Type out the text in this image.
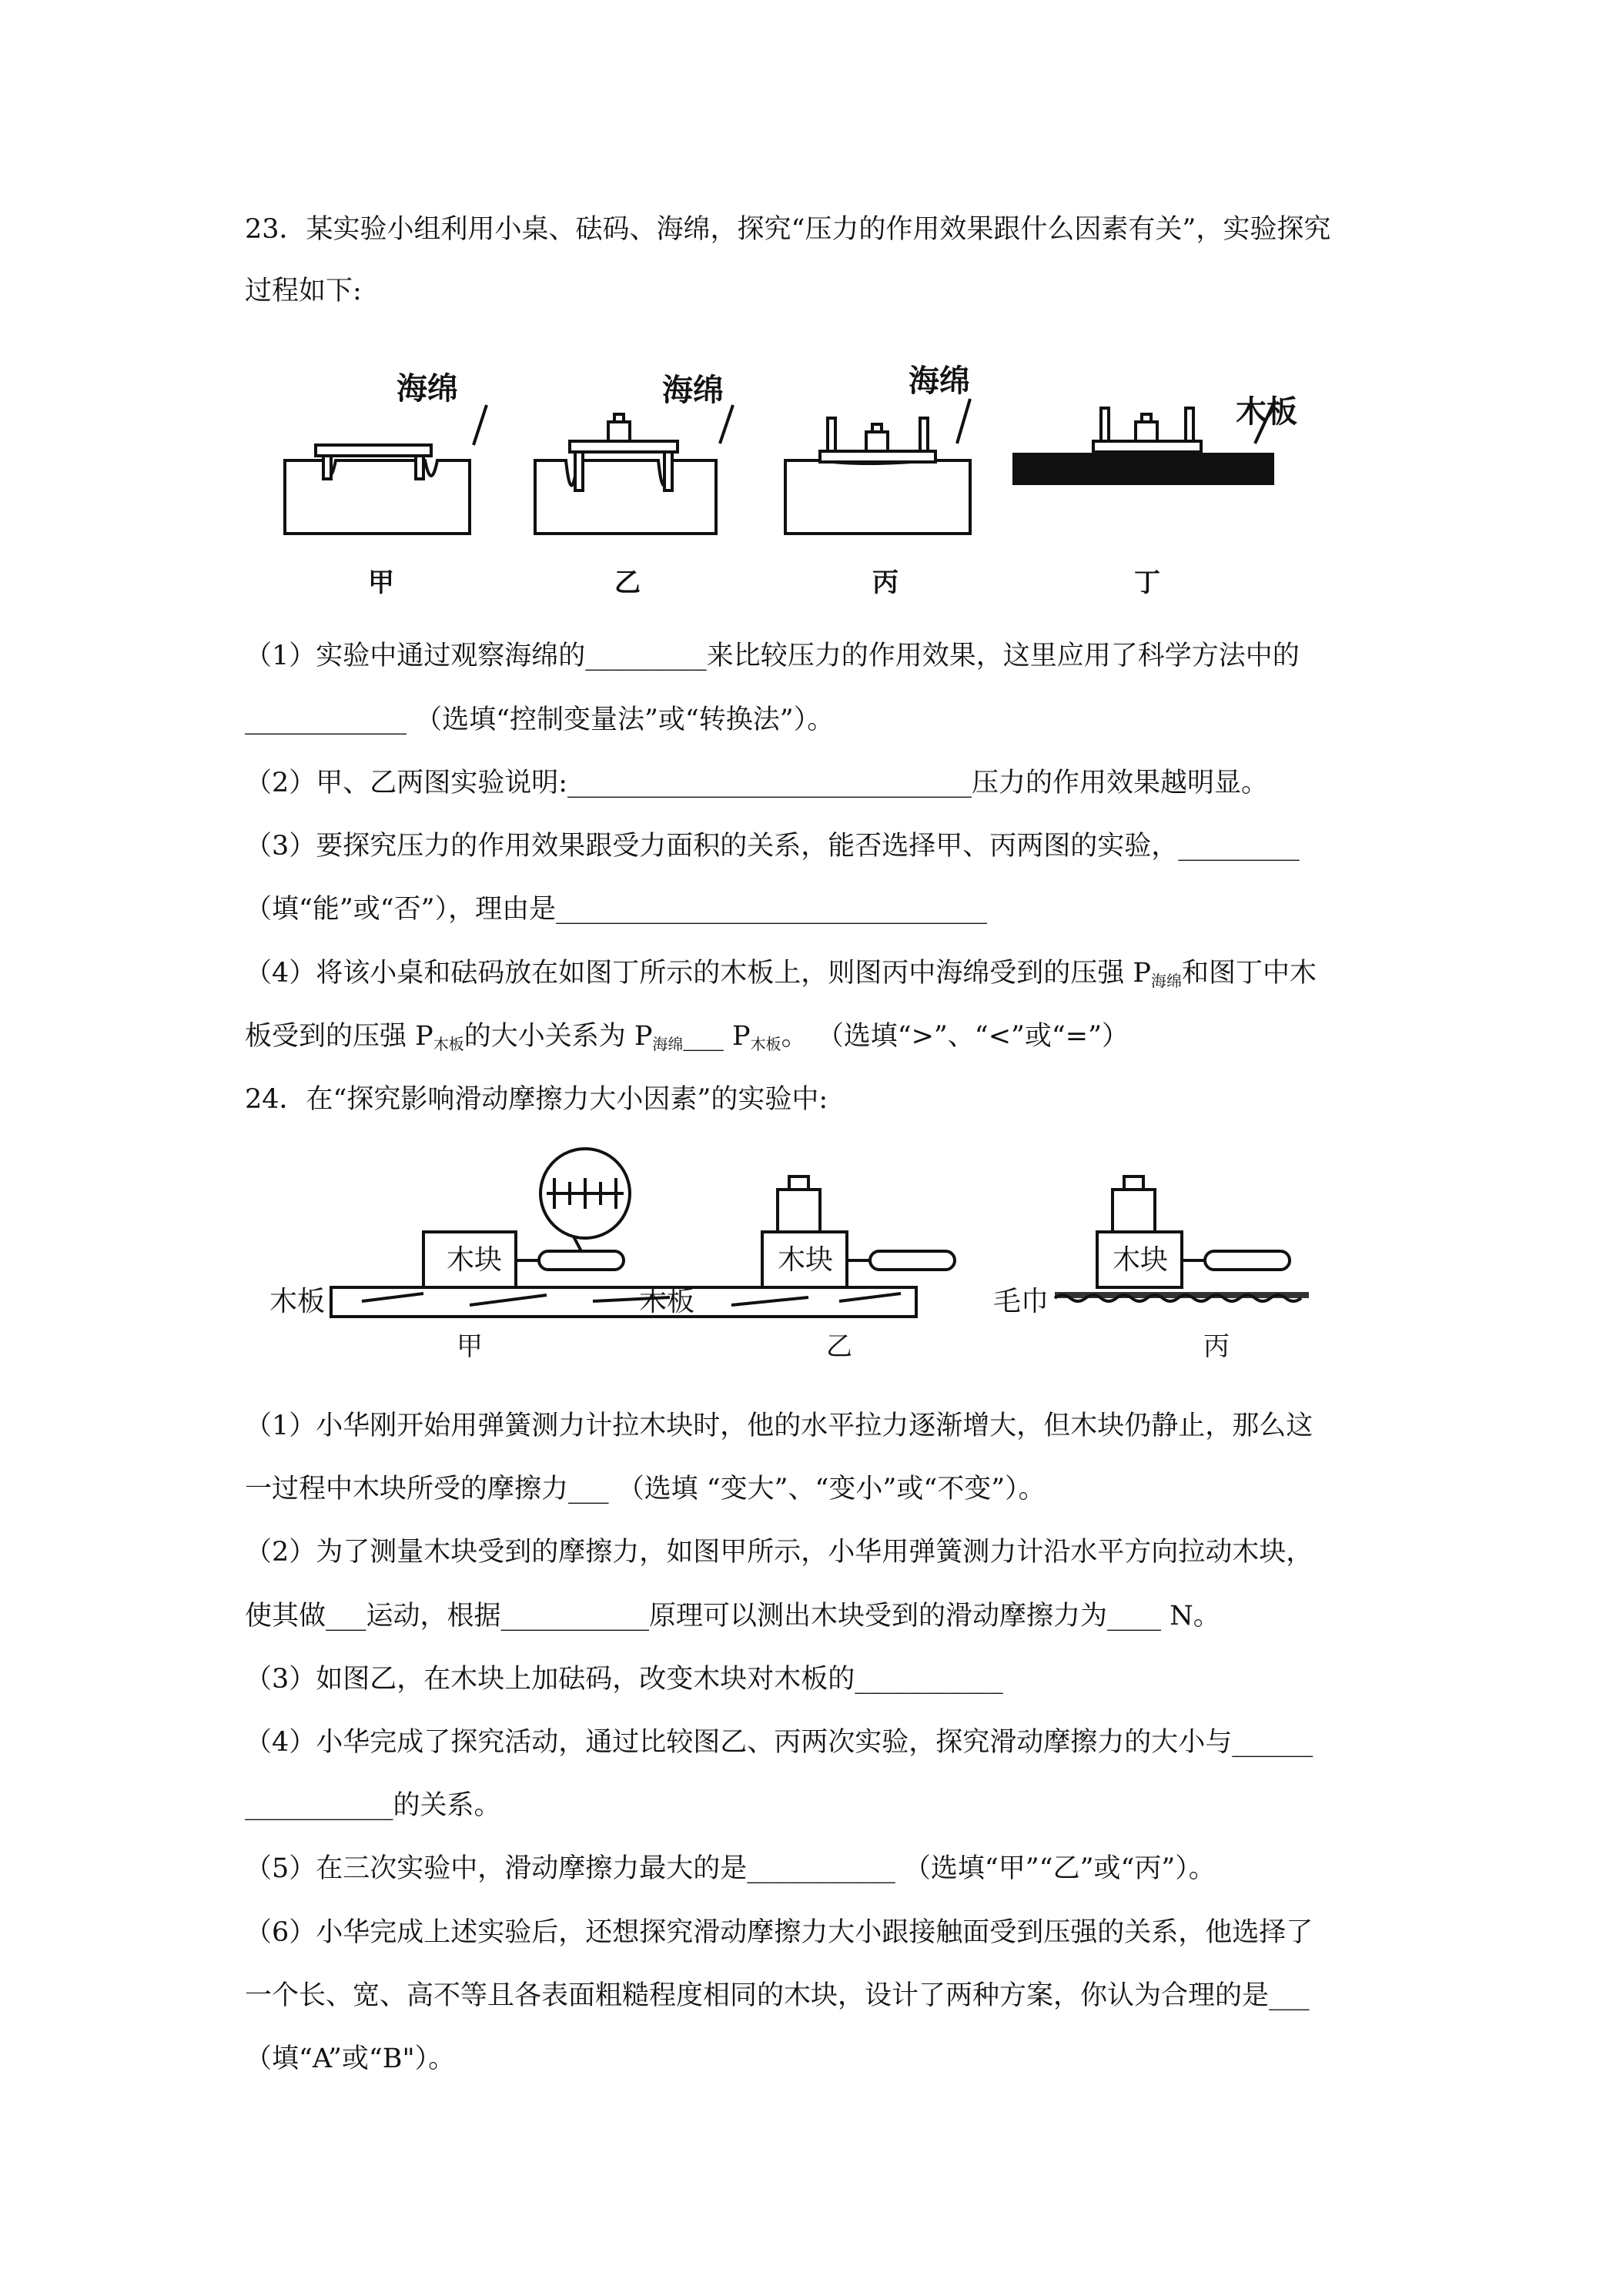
23．某实验小组利用小桌、砝码、海绵，探究“压力的作用效果跟什么因素有关”，实验探究
过程如下:
海绵	海绵	海绵
木板
甲	乙	丙	丁
（1）实验中通过观察海绵的_________来比较压力的作用效果，这里应用了科学方法中的
____________ （选填“控制变量法”或“转换法”）。
（2）甲、乙两图实验说明:______________________________压力的作用效果越明显。
（3）要探究压力的作用效果跟受力面积的关系，能否选择甲、丙两图的实验，_________
（填“能”或“否”），理由是________________________________
（4）将该小桌和砝码放在如图丁所示的木板上，则图丙中海绵受到的压强 $P_{海绵}$和图丁中木
板受到的压强 $P_{木板}$的大小关系为 $P_{海绵}\_\_\_$ $P_{木板}$。 （选填“>”、“<”或“=”）
24．在“探究影响滑动摩擦力大小因素”的实验中:
木块	木块	木块
木板	木板	毛巾
甲	乙	丙
（1）小华刚开始用弹簧测力计拉木块时，他的水平拉力逐渐增大，但木块仍静止，那么这
一过程中木块所受的摩擦力___ （选填 “变大”、“变小”或“不变”）。
（2）为了测量木块受到的摩擦力，如图甲所示，小华用弹簧测力计沿水平方向拉动木块，
使其做___运动，根据___________原理可以测出木块受到的滑动摩擦力为____ N。
（3）如图乙，在木块上加砝码，改变木块对木板的___________
（4）小华完成了探究活动，通过比较图乙、丙两次实验，探究滑动摩擦力的大小与______
___________的关系。
（5）在三次实验中，滑动摩擦力最大的是___________ （选填“甲”“乙”或“丙”）。
（6）小华完成上述实验后，还想探究滑动摩擦力大小跟接触面受到压强的关系，他选择了
一个长、宽、高不等且各表面粗糙程度相同的木块，设计了两种方案，你认为合理的是___
（填“A”或“B"）。
